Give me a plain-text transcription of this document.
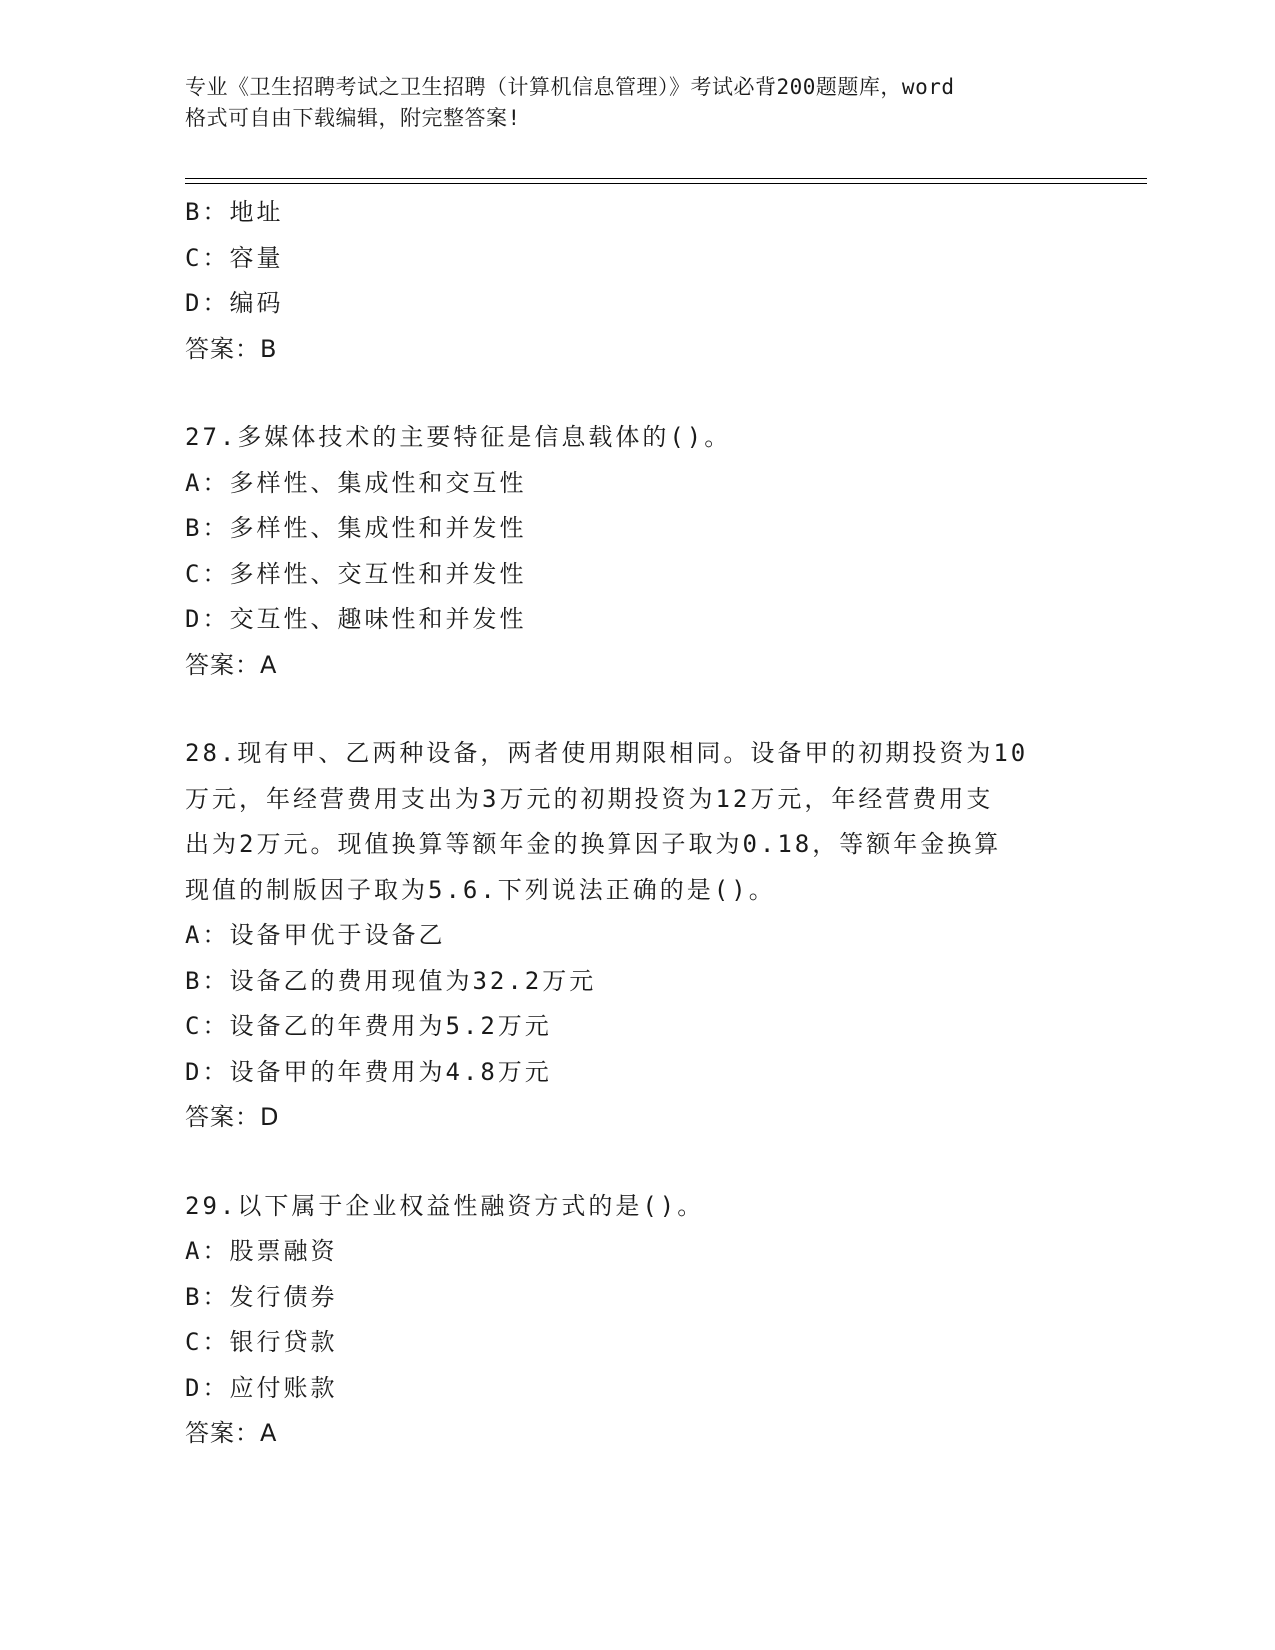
专业《卫生招聘考试之卫生招聘（计算机信息管理）》考试必背200题题库，word
格式可自由下载编辑，附完整答案!
B：地址
C：容量
D：编码
答案：B
27.多媒体技术的主要特征是信息载体的()。
A：多样性、集成性和交互性
B：多样性、集成性和并发性
C：多样性、交互性和并发性
D：交互性、趣味性和并发性
答案：A
28.现有甲、乙两种设备，两者使用期限相同。设备甲的初期投资为10
万元，年经营费用支出为3万元的初期投资为12万元，年经营费用支
出为2万元。现值换算等额年金的换算因子取为0.18，等额年金换算
现值的制版因子取为5.6.下列说法正确的是()。
A：设备甲优于设备乙
B：设备乙的费用现值为32.2万元
C：设备乙的年费用为5.2万元
D：设备甲的年费用为4.8万元
答案：D
29.以下属于企业权益性融资方式的是()。
A：股票融资
B：发行债券
C：银行贷款
D：应付账款
答案：A
